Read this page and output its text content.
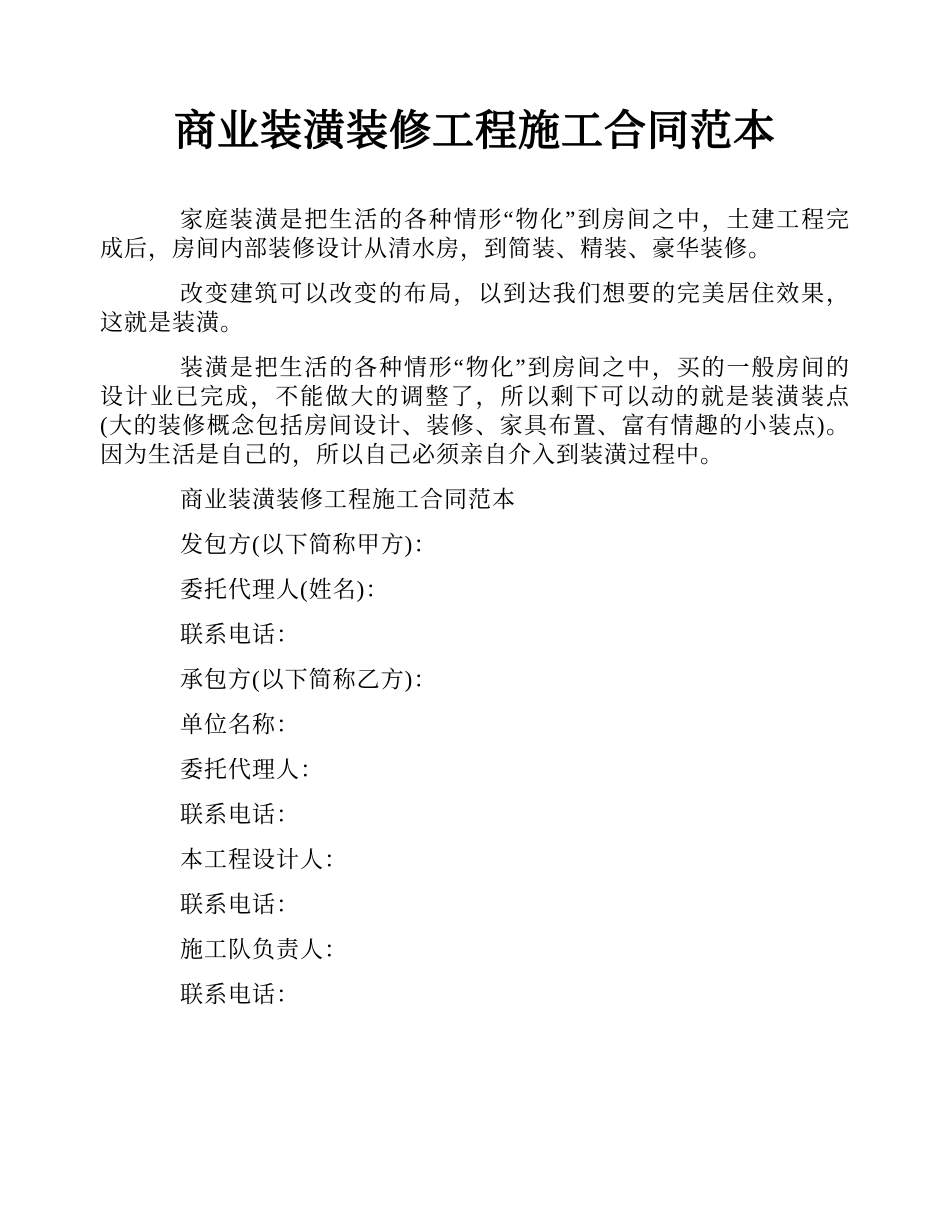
商业装潢装修工程施工合同范本

家庭装潢是把生活的各种情形“物化”到房间之中，土建工程完成后，房间内部装修设计从清水房，到简装、精装、豪华装修。

改变建筑可以改变的布局，以到达我们想要的完美居住效果，这就是装潢。

装潢是把生活的各种情形“物化”到房间之中，买的一般房间的设计业已完成，不能做大的调整了，所以剩下可以动的就是装潢装点(大的装修概念包括房间设计、装修、家具布置、富有情趣的小装点)。因为生活是自己的，所以自己必须亲自介入到装潢过程中。

商业装潢装修工程施工合同范本

发包方(以下简称甲方)：

委托代理人(姓名)：

联系电话：

承包方(以下简称乙方)：

单位名称：

委托代理人：

联系电话：

本工程设计人：

联系电话：

施工队负责人：

联系电话：
